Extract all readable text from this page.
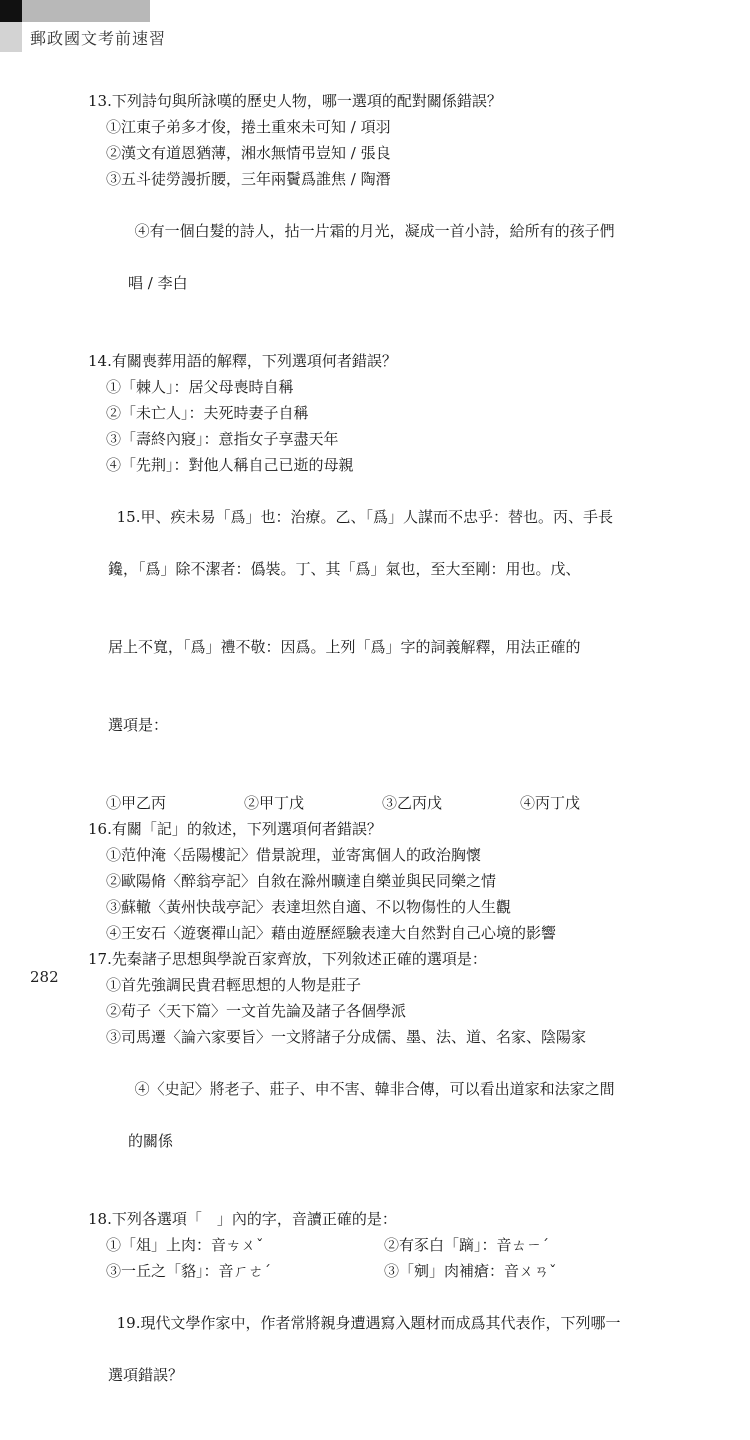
郵政國文考前速習
13.下列詩句與所詠嘆的歷史人物，哪一選項的配對關係錯誤？
①江東子弟多才俊，捲土重來未可知 / 項羽
②漢文有道恩猶薄，湘水無情弔豈知 / 張良
③五斗徒勞謾折腰，三年兩鬢爲誰焦 / 陶潛

④有一個白髮的詩人，拈一片霜的月光，凝成一首小詩，給所有的孩子們

唱 / 李白

14.有關喪葬用語的解釋，下列選項何者錯誤？
①「棘人」：居父母喪時自稱
②「未亡人」：夫死時妻子自稱
③「壽終內寢」：意指女子享盡天年
④「先荆」：對他人稱自己已逝的母親

15.甲、疾未易「爲」也：治療。乙、「爲」人謀而不忠乎：替也。丙、手長

鑱，「爲」除不潔者：僞裝。丁、其「爲」氣也，至大至剛：用也。戊、

居上不寬，「爲」禮不敬：因爲。上列「爲」字的詞義解釋，用法正確的

選項是：

①甲乙丙	②甲丁戊	③乙丙戊	④丙丁戊
16.有關「記」的敘述，下列選項何者錯誤？
①范仲淹〈岳陽樓記〉借景說理，並寄寓個人的政治胸懷
②歐陽脩〈醉翁亭記〉自敘在滁州曠達自樂並與民同樂之情
③蘇轍〈黃州快哉亭記〉表達坦然自適、不以物傷性的人生觀
④王安石〈遊褒禪山記〉藉由遊歷經驗表達大自然對自己心境的影響
17.先秦諸子思想與學說百家齊放，下列敘述正確的選項是：
①首先強調民貴君輕思想的人物是莊子
②荀子〈天下篇〉一文首先論及諸子各個學派
③司馬遷〈論六家要旨〉一文將諸子分成儒、墨、法、道、名家、陰陽家

④〈史記〉將老子、莊子、申不害、韓非合傳，可以看出道家和法家之間

的關係

18.下列各選項「　」內的字，音讀正確的是：
①「俎」上肉：音ㄘㄨˇ	②有豕白「蹢」：音ㄊㄧˊ
③一丘之「貉」：音ㄏㄜˊ	③「剜」肉補瘡：音ㄨㄢˇ

19.現代文學作家中，作者常將親身遭遇寫入題材而成爲其代表作，下列哪一

選項錯誤？

282
